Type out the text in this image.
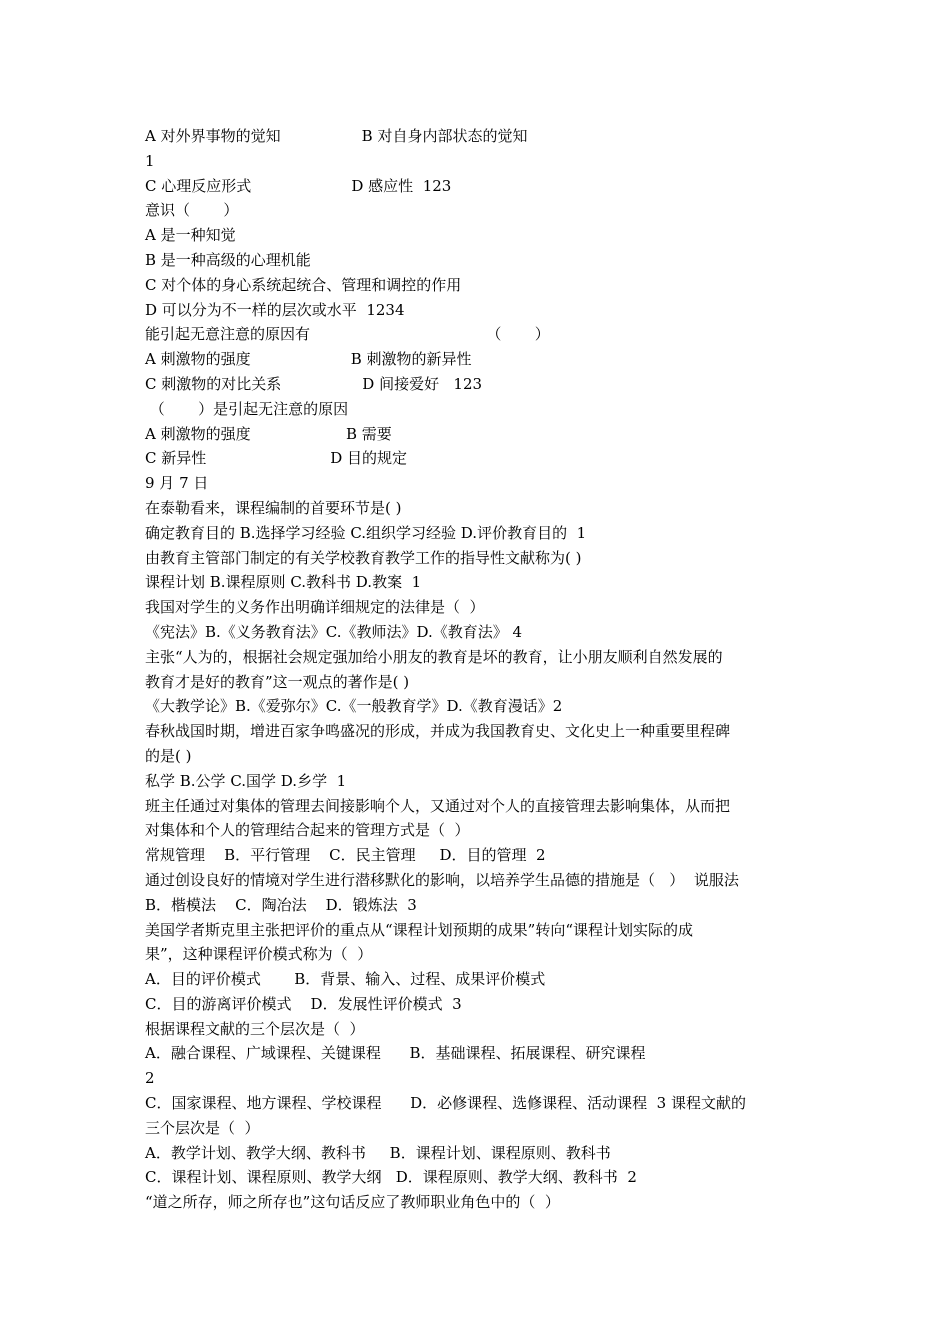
A 对外界事物的觉知                 B 对自身内部状态的觉知
1
C 心理反应形式                     D 感应性  123
意识（       ）
A 是一种知觉
B 是一种高级的心理机能
C 对个体的身心系统起统合、管理和调控的作用
D 可以分为不一样的层次或水平  1234
能引起无意注意的原因有                                     （       ）
A 刺激物的强度                     B 刺激物的新异性
C 刺激物的对比关系                 D 间接爱好   123
（       ）是引起无注意的原因
A 刺激物的强度                    B 需要
C 新异性                          D 目的规定
9 月 7 日
在泰勒看来，课程编制的首要环节是( )
确定教育目的 B.选择学习经验 C.组织学习经验 D.评价教育目的  1
由教育主管部门制定的有关学校教育教学工作的指导性文献称为( )
课程计划 B.课程原则 C.教科书 D.教案  1
我国对学生的义务作出明确详细规定的法律是（  ）
《宪法》B.《义务教育法》C.《教师法》D.《教育法》 4
主张“人为的，根据社会规定强加给小朋友的教育是坏的教育，让小朋友顺利自然发展的
教育才是好的教育”这一观点的著作是( )
《大教学论》B.《爱弥尔》C.《一般教育学》D.《教育漫话》2
春秋战国时期，增进百家争鸣盛况的形成，并成为我国教育史、文化史上一种重要里程碑
的是( )
私学 B.公学 C.国学 D.乡学  1
班主任通过对集体的管理去间接影响个人，又通过对个人的直接管理去影响集体，从而把
对集体和个人的管理结合起来的管理方式是（  ）
常规管理    B．平行管理    C．民主管理     D．目的管理  2
通过创设良好的情境对学生进行潜移默化的影响，以培养学生品德的措施是（   ）  说服法
B．楷模法    C．陶冶法    D．锻炼法  3
美国学者斯克里主张把评价的重点从“课程计划预期的成果”转向“课程计划实际的成
果”，这种课程评价模式称为（  ）
A．目的评价模式       B．背景、输入、过程、成果评价模式
C．目的游离评价模式    D．发展性评价模式  3
根据课程文献的三个层次是（  ）
A．融合课程、广域课程、关键课程      B．基础课程、拓展课程、研究课程
2
C．国家课程、地方课程、学校课程      D．必修课程、选修课程、活动课程  3 课程文献的
三个层次是（  ）
A．教学计划、教学大纲、教科书     B．课程计划、课程原则、教科书
C．课程计划、课程原则、教学大纲   D．课程原则、教学大纲、教科书  2
“道之所存，师之所存也”这句话反应了教师职业角色中的（  ）
